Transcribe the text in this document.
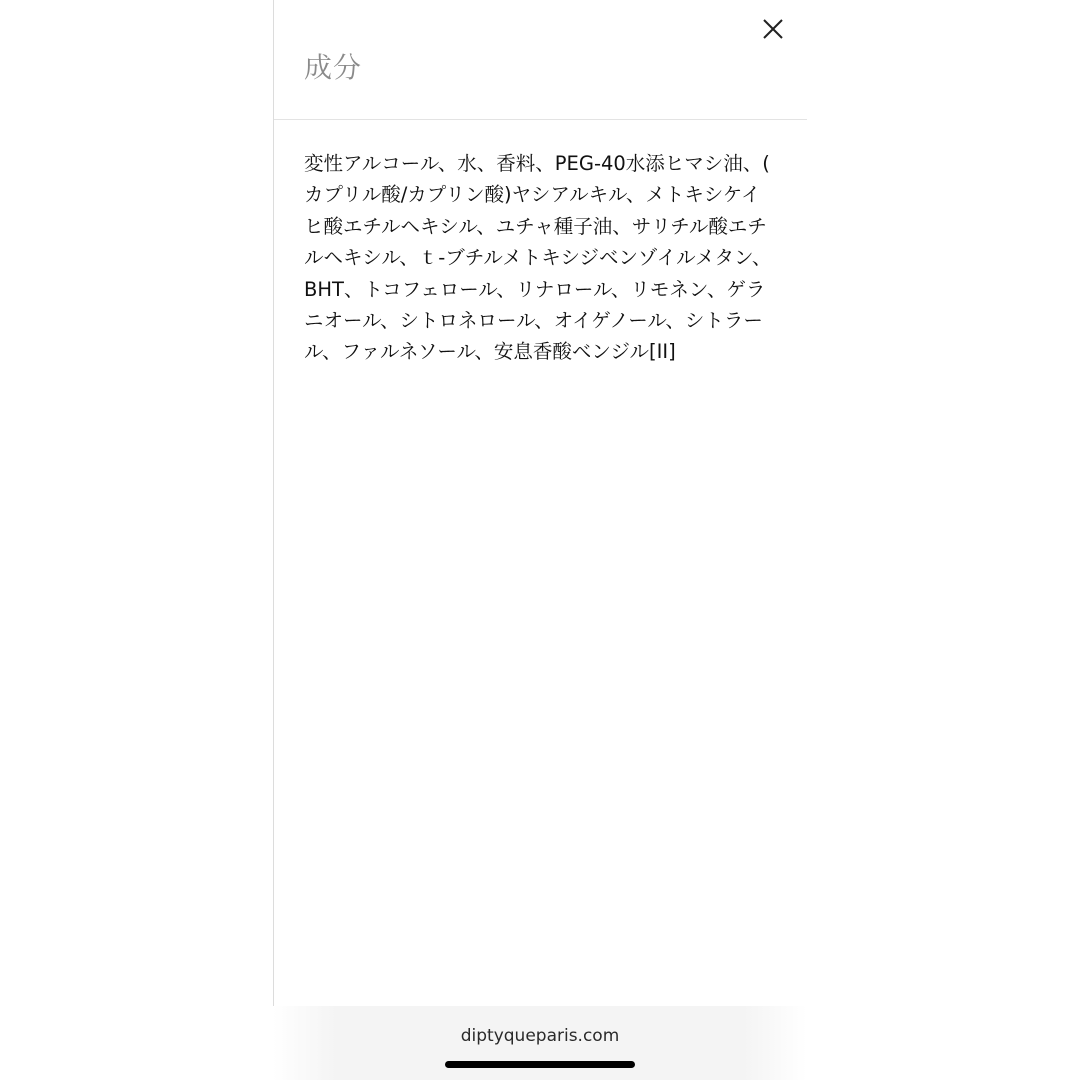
成分
変性アルコール、水、香料、PEG-40水添ヒマシ油、(カプリル酸/カプリン酸)ヤシアルキル、メトキシケイヒ酸エチルヘキシル、ユチャ種子油、サリチル酸エチルヘキシル、ｔ-ブチルメトキシジベンゾイルメタン、BHT、トコフェロール、リナロール、リモネン、ゲラニオール、シトロネロール、オイゲノール、シトラール、ファルネソール、安息香酸ベンジル[II]
diptyqueparis.com
